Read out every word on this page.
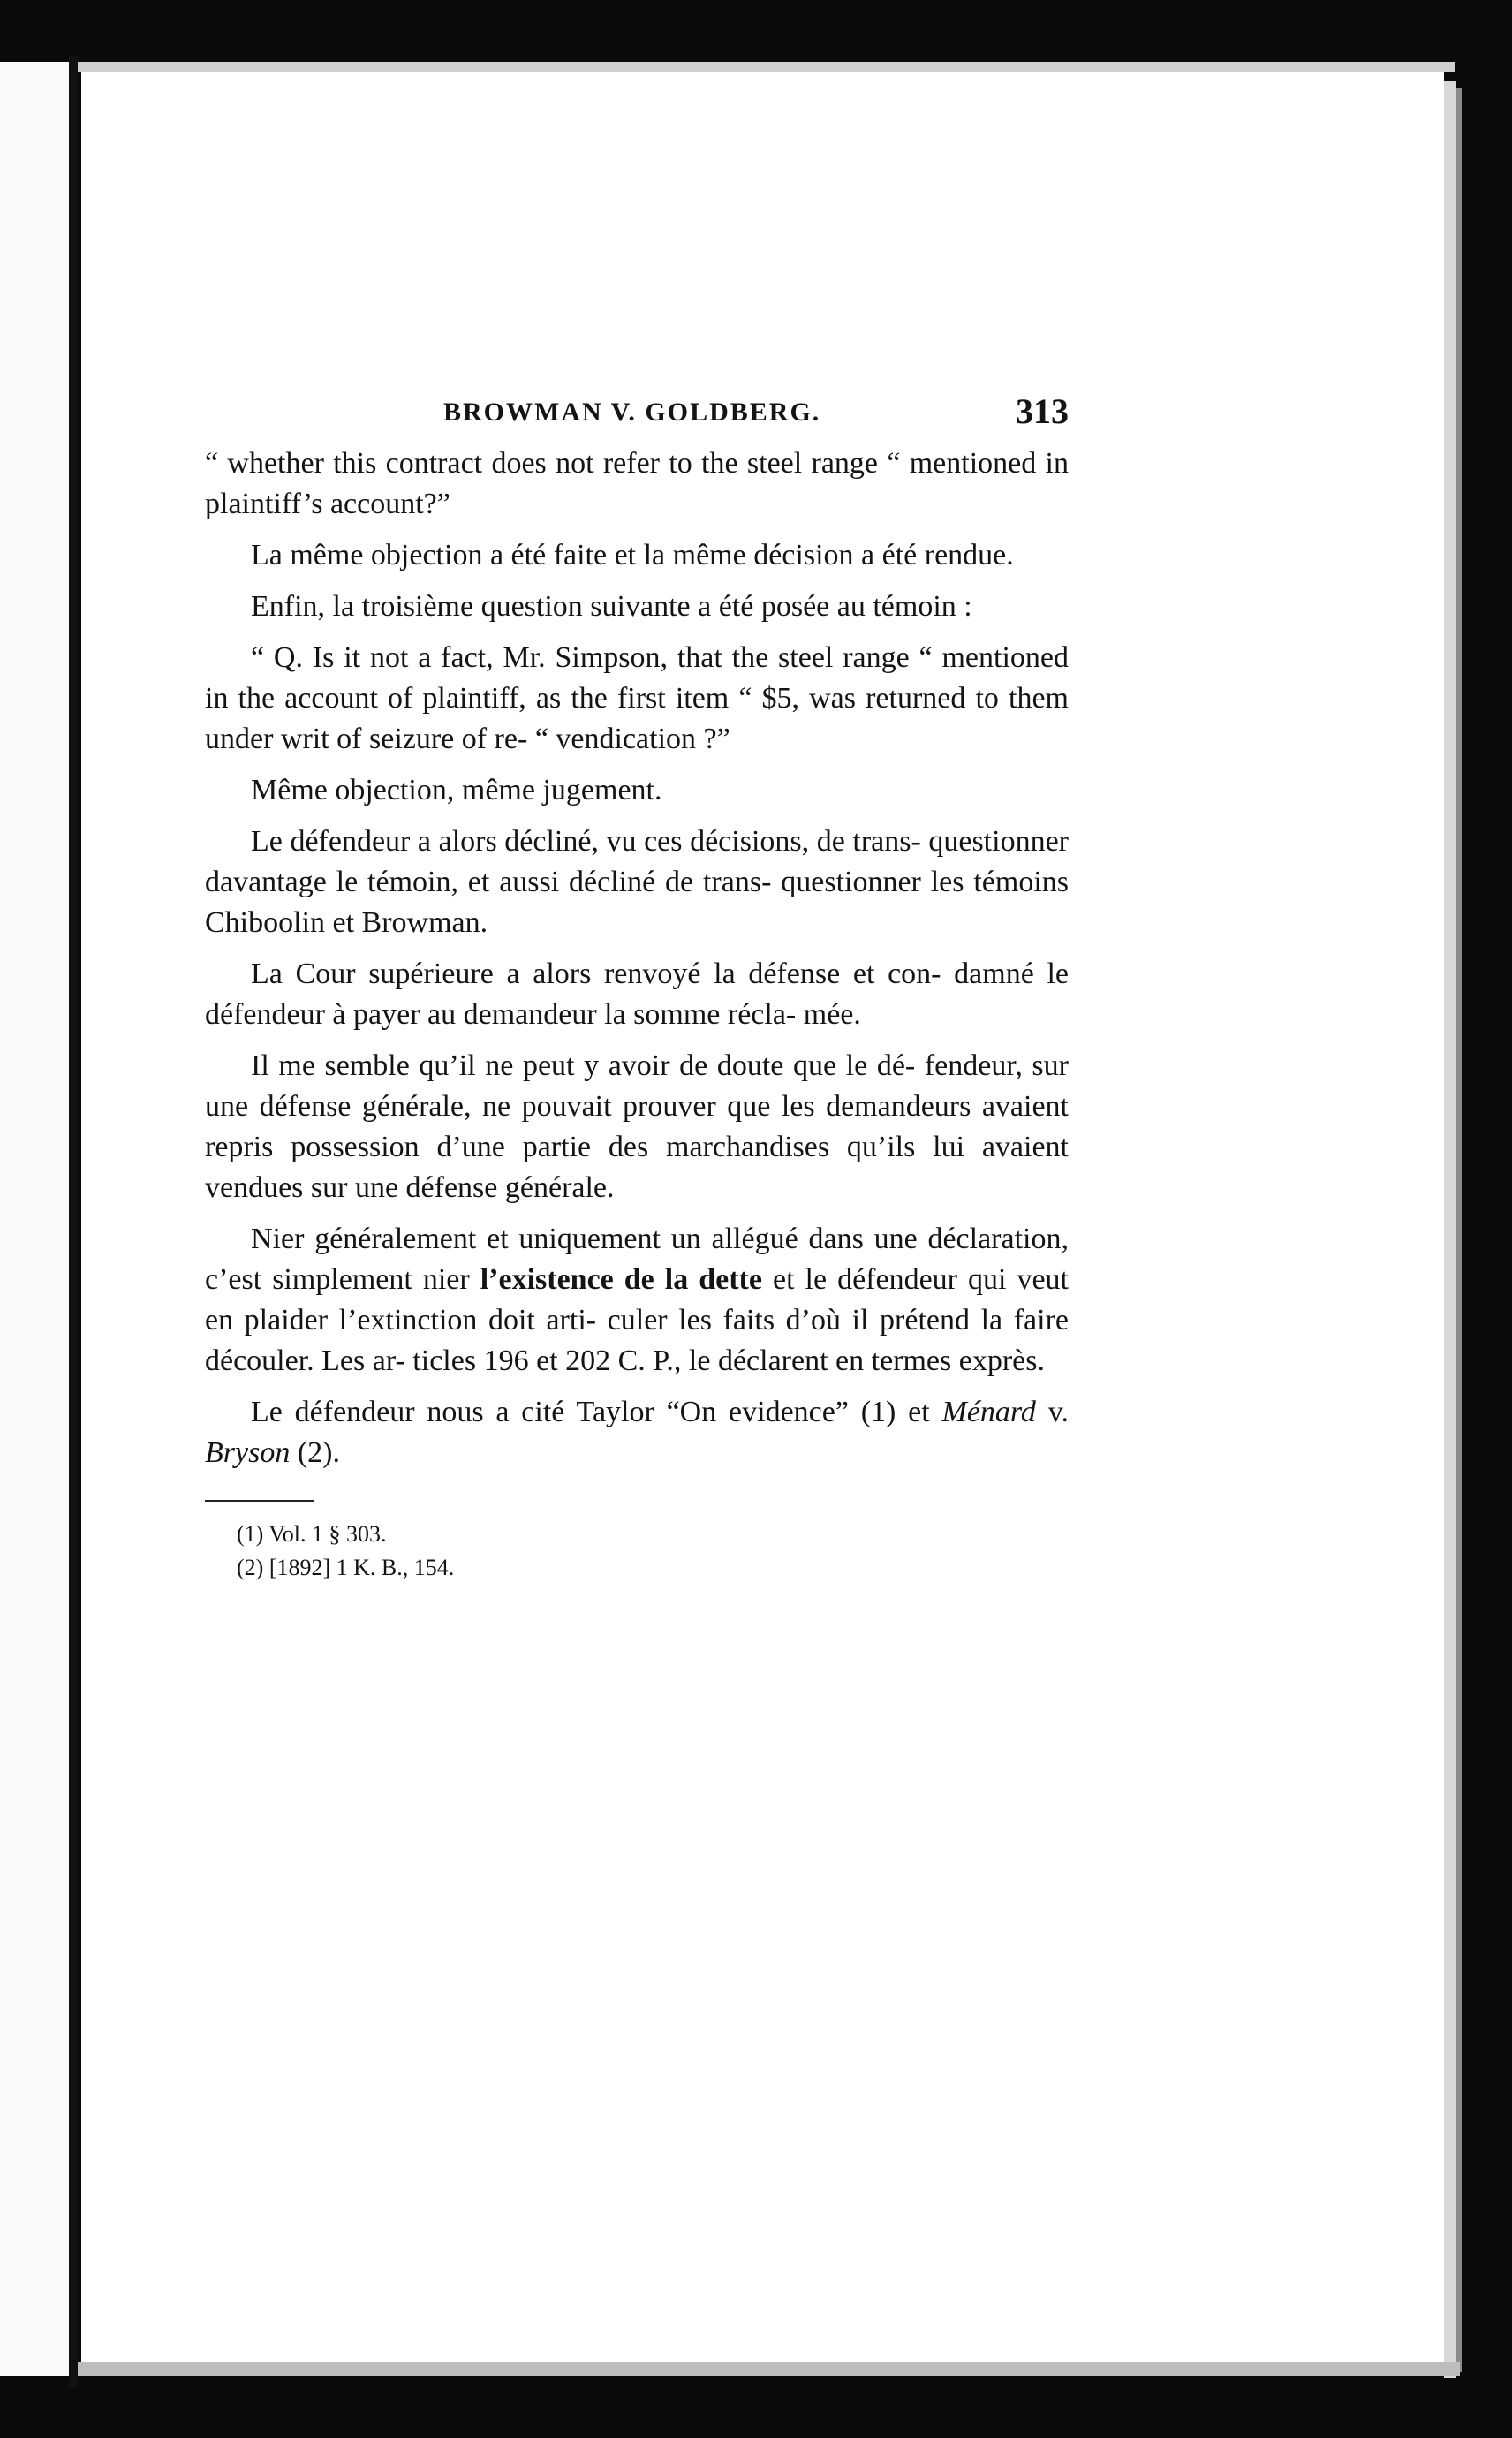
BROWMAN V. GOLDBERG.	313

“ whether this contract does not refer to the steel range “ mentioned in plaintiff’s account?”

La même objection a été faite et la même décision a été rendue.

Enfin, la troisième question suivante a été posée au témoin :

“ Q. Is it not a fact, Mr. Simpson, that the steel range “ mentioned in the account of plaintiff, as the first item “ $5, was returned to them under writ of seizure of re- “ vendication ?”

Même objection, même jugement.

Le défendeur a alors décliné, vu ces décisions, de trans- questionner davantage le témoin, et aussi décliné de trans- questionner les témoins Chiboolin et Browman.

La Cour supérieure a alors renvoyé la défense et con- damné le défendeur à payer au demandeur la somme récla- mée.

Il me semble qu’il ne peut y avoir de doute que le dé- fendeur, sur une défense générale, ne pouvait prouver que les demandeurs avaient repris possession d’une partie des marchandises qu’ils lui avaient vendues sur une défense générale.

Nier généralement et uniquement un allégué dans une déclaration, c’est simplement nier l’existence de la dette et le défendeur qui veut en plaider l’extinction doit arti- culer les faits d’où il prétend la faire découler. Les ar- ticles 196 et 202 C. P., le déclarent en termes exprès.

Le défendeur nous a cité Taylor “On evidence” (1) et Ménard v. Bryson (2).

(1) Vol. 1 § 303.
(2) [1892] 1 K. B., 154.
